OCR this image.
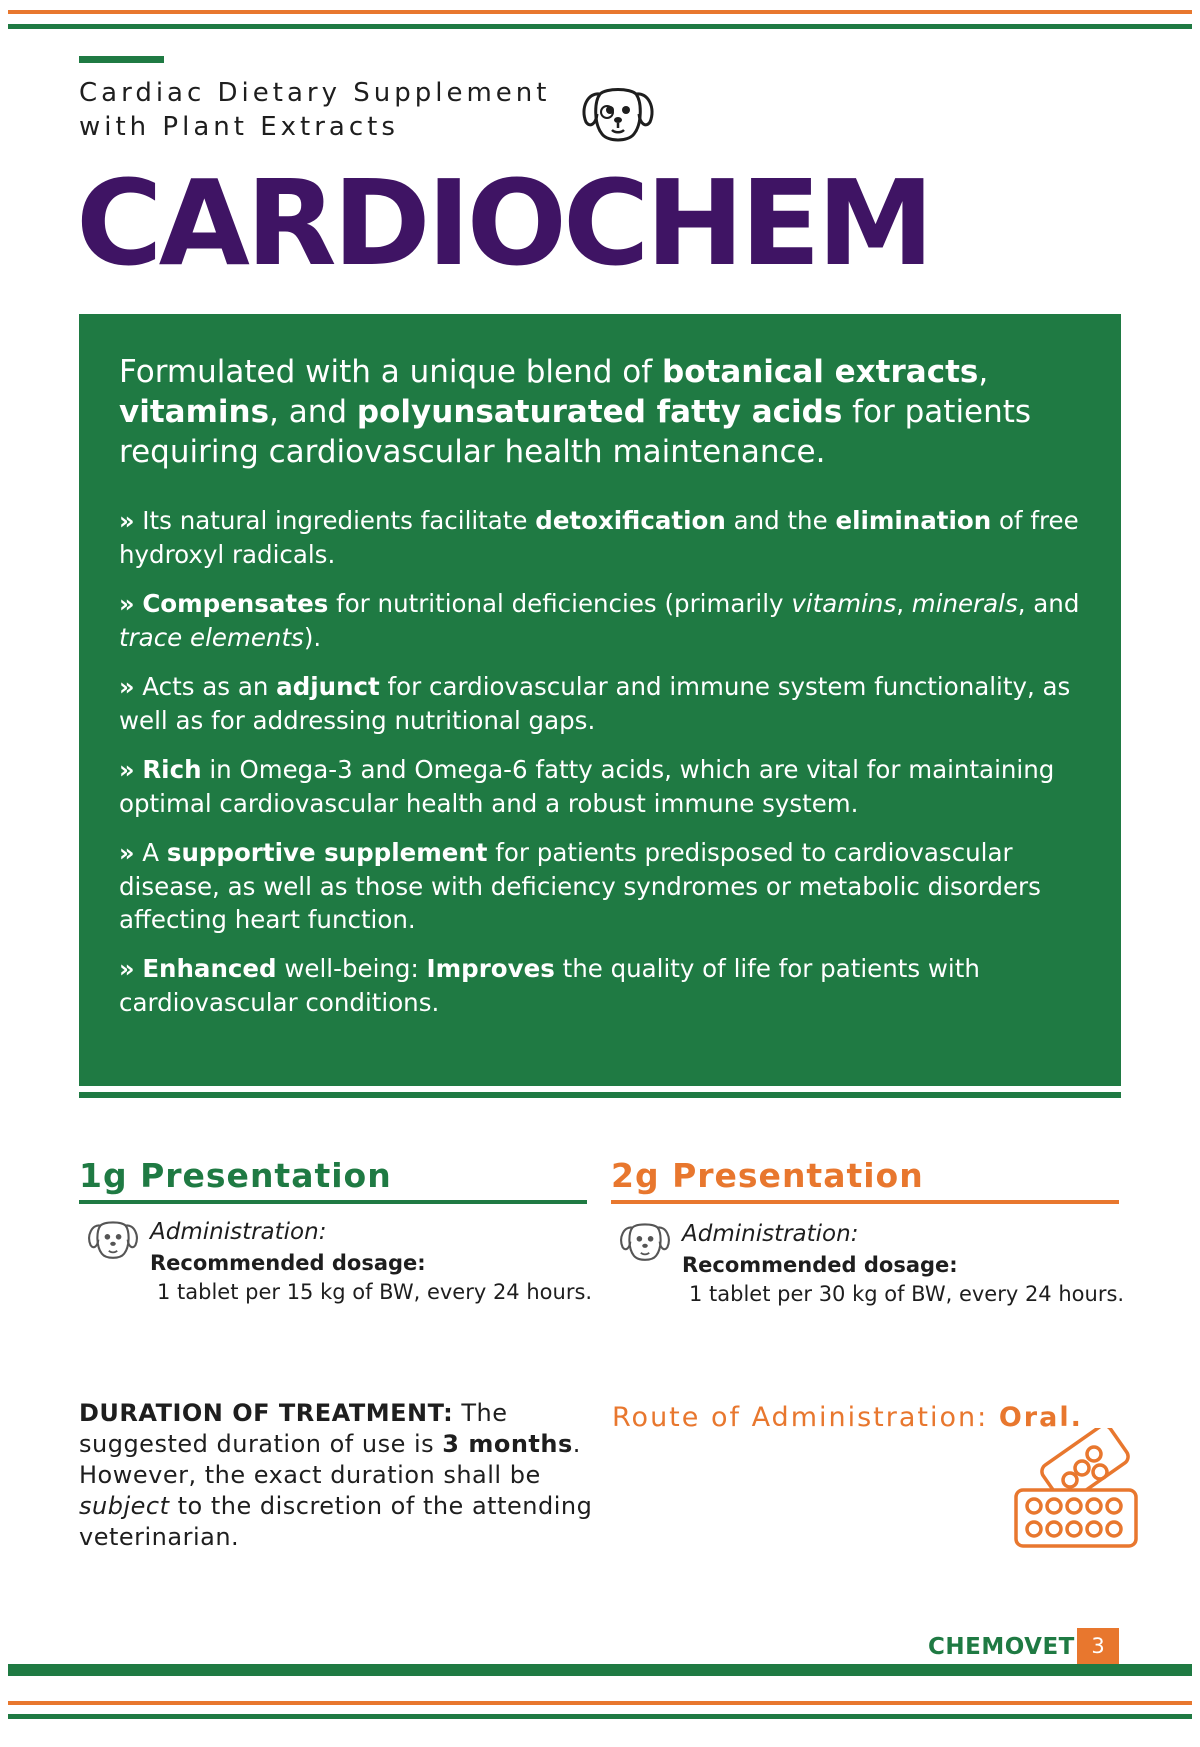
Cardiac Dietary Supplement
with Plant Extracts
CARDIOCHEM
Formulated with a unique blend of botanical extracts,
vitamins, and polyunsaturated fatty acids for patients requiring cardiovascular health maintenance.
» Its natural ingredients facilitate detoxification and the elimination of free hydroxyl radicals.
» Compensates for nutritional deficiencies (primarily vitamins, minerals, and trace elements).
» Acts as an adjunct for cardiovascular and immune system functionality, as well as for addressing nutritional gaps.
» Rich in Omega-3 and Omega-6 fatty acids, which are vital for maintaining optimal cardiovascular health and a robust immune system.
» A supportive supplement for patients predisposed to cardiovascular disease, as well as those with deficiency syndromes or metabolic disorders affecting heart function.
» Enhanced well-being: Improves the quality of life for patients with cardiovascular conditions.
1g Presentation
Administration:
Recommended dosage:
1 tablet per 15 kg of BW, every 24 hours.
2g Presentation
Administration:
Recommended dosage:
1 tablet per 30 kg of BW, every 24 hours.
DURATION OF TREATMENT: The suggested duration of use is 3 months. However, the exact duration shall be subject to the discretion of the attending veterinarian.
Route of Administration: Oral.
CHEMOVET 3
